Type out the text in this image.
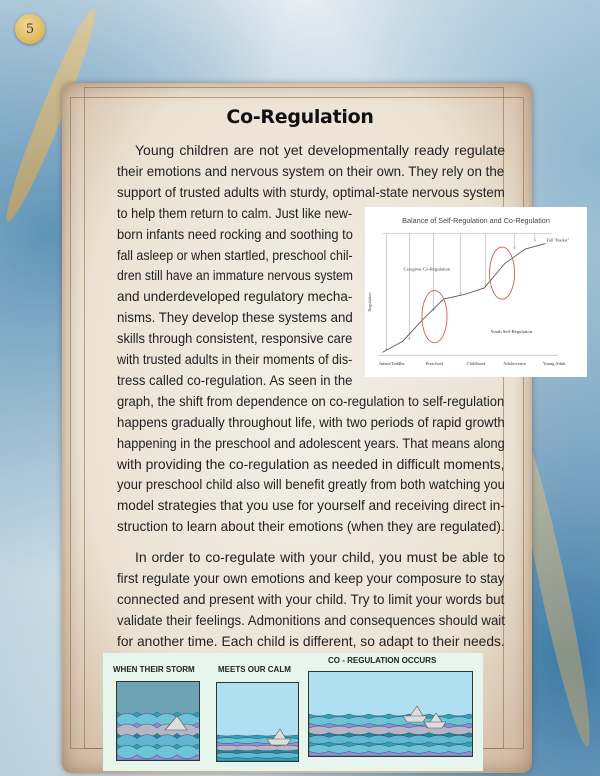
5
Co-Regulation
Young children are not yet developmentally ready regulate
their emotions and nervous system on their own. They rely on the
support of trusted adults with sturdy, optimal-state nervous system
to help them return to calm. Just like new-
born infants need rocking and soothing to
fall asleep or when startled, preschool chil-
dren still have an immature nervous system
and underdeveloped regulatory mecha-
nisms. They develop these systems and
skills through consistent, responsive care
with trusted adults in their moments of dis-
tress called co-regulation. As seen in the
graph, the shift from dependence on co-regulation to self-regulation
happens gradually throughout life, with two periods of rapid growth
happening in the preschool and adolescent years. That means along
with providing the co-regulation as needed in difficult moments,
your preschool child also will benefit greatly from both watching you
model strategies that you use for yourself and receiving direct in-
struction to learn about their emotions (when they are regulated).
In order to co-regulate with your child, you must be able to
first regulate your own emotions and keep your composure to stay
connected and present with your child. Try to limit your words but
validate their feelings. Admonitions and consequences should wait
for another time. Each child is different, so adapt to their needs.
Balance of Self-Regulation and Co-Regulation
Regulation
Caregiver Co-Regulation
Youth Self-Regulation
Full "Bucket"
Infant/Toddler	Preschool	Childhood	Adolescence	Young Adult
WHEN THEIR STORM	MEETS OUR CALM
CO - REGULATION OCCURS
